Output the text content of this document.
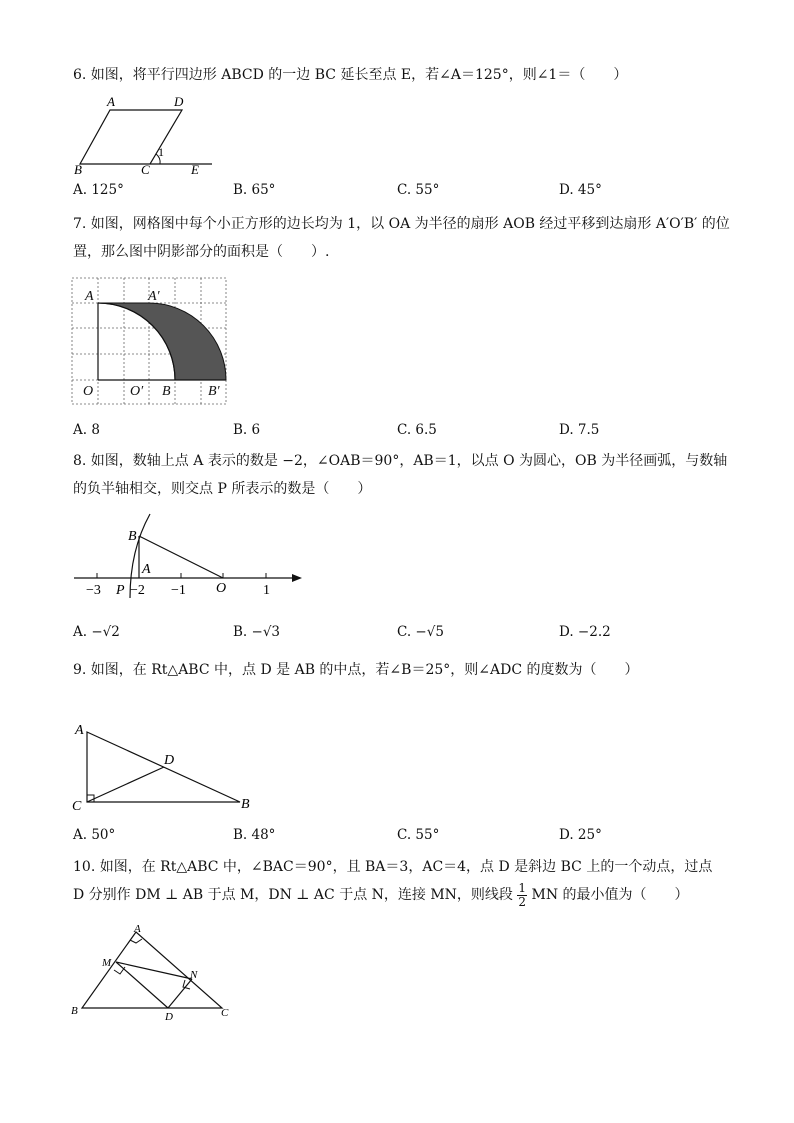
6. 如图，将平行四边形 ABCD 的一边 BC 延长至点 E，若∠A＝125°，则∠1＝（　　）
A	D
B	C
1
E
A. 125°	B. 65°	C. 55°	D. 45°
7. 如图，网格图中每个小正方形的边长均为 1，以 OA 为半径的扇形 AOB 经过平移到达扇形 A′O′B′ 的位
置，那么图中阴影部分的面积是（　　）.
A	A′
O	O′ B	B′
A. 8	B. 6	C. 6.5	D. 7.5
8. 如图，数轴上点 A 表示的数是 −2，∠OAB＝90°，AB＝1，以点 O 为圆心，OB 为半径画弧，与数轴
的负半轴相交，则交点 P 所表示的数是（　　）
B
A
−3 P −2 −1 O	1
A. −√2	B. −√3	C. −√5	D. −2.2
9. 如图，在 Rt△ABC 中，点 D 是 AB 的中点，若∠B＝25°，则∠ADC 的度数为（　　）
A
D
C	B
A. 50°	B. 48°	C. 55°	D. 25°
10. 如图，在 Rt△ABC 中，∠BAC＝90°，且 BA＝3，AC＝4，点 D 是斜边 BC 上的一个动点，过点
D 分别作 DM ⊥ AB 于点 M，DN ⊥ AC 于点 N，连接 MN，则线段 $\frac{1}{2}$ MN 的最小值为（　　）
A
M
N
B	D	C
